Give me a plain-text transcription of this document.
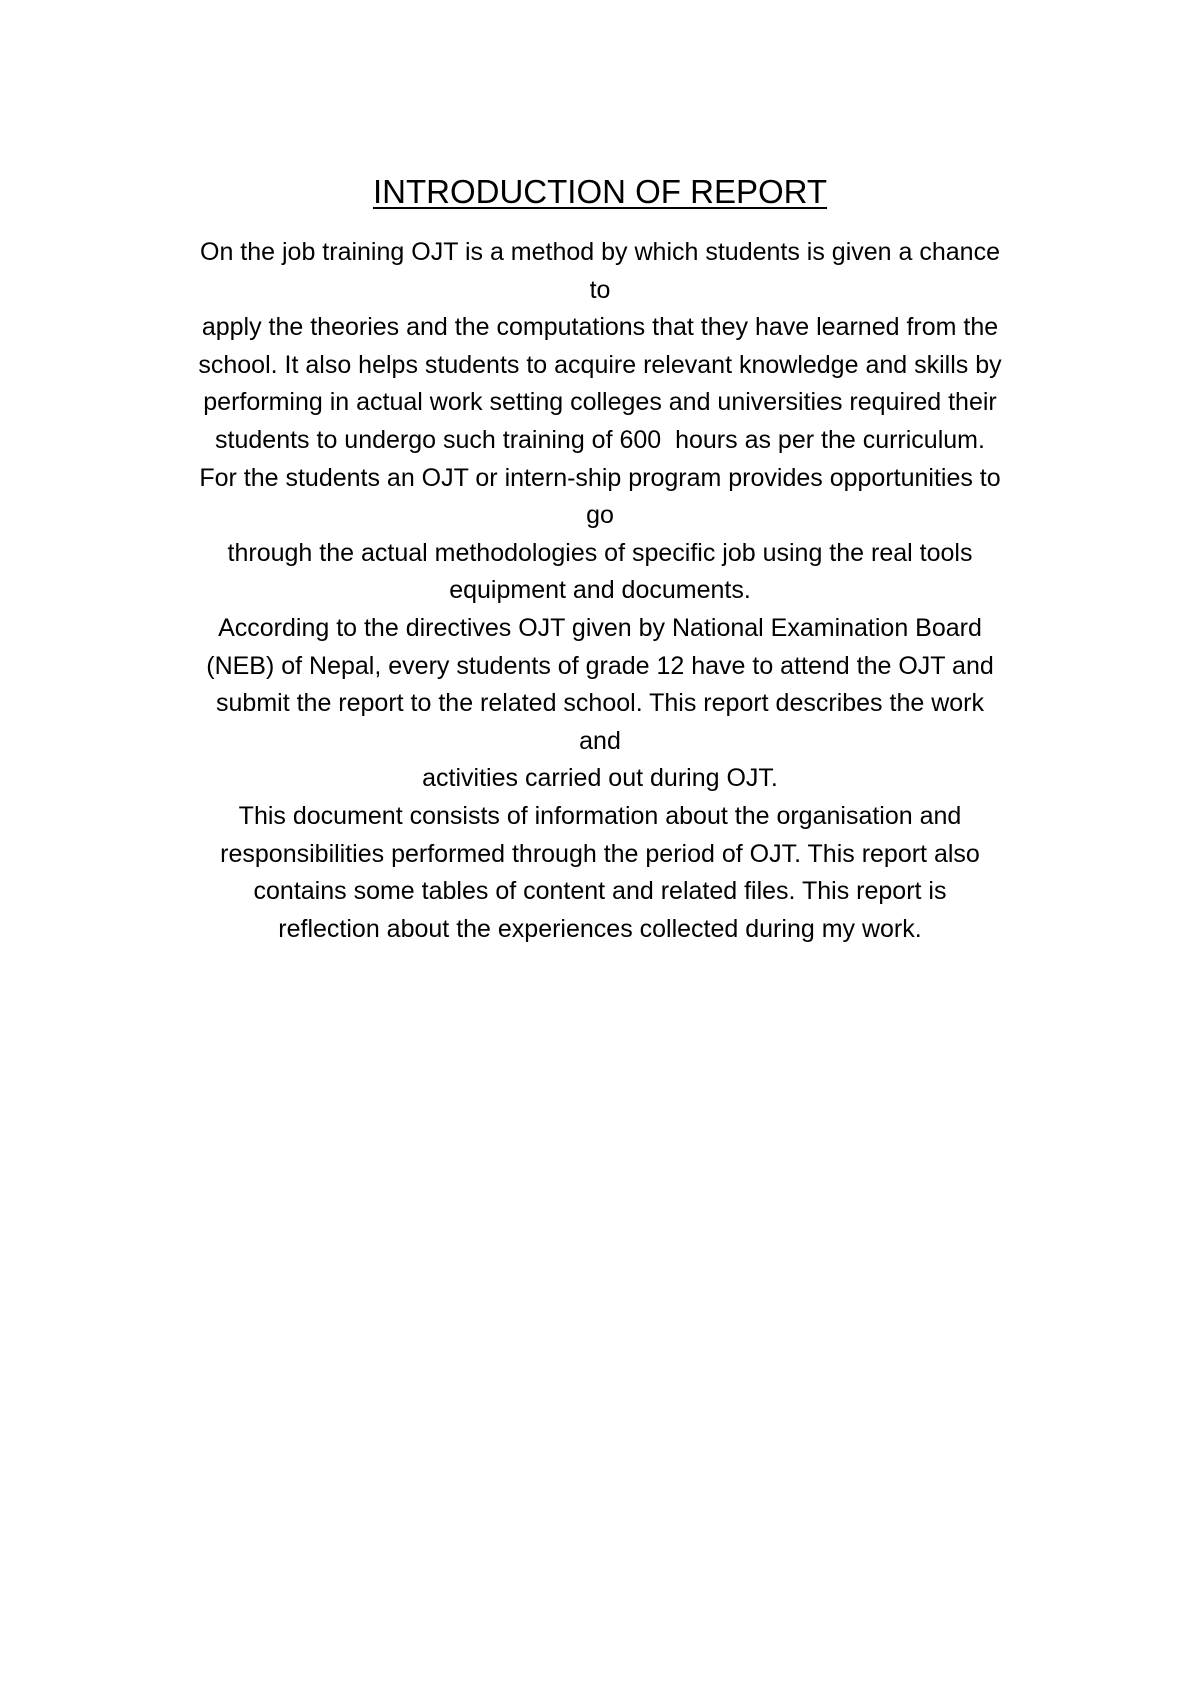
INTRODUCTION OF REPORT

On the job training OJT is a method by which students is given a chance

to

apply the theories and the computations that they have learned from the

school. It also helps students to acquire relevant knowledge and skills by

performing in actual work setting colleges and universities required their

students to undergo such training of 600  hours as per the curriculum.

For the students an OJT or intern-ship program provides opportunities to

go

through the actual methodologies of specific job using the real tools

equipment and documents.

According to the directives OJT given by National Examination Board

(NEB) of Nepal, every students of grade 12 have to attend the OJT and

submit the report to the related school. This report describes the work

and

activities carried out during OJT.

This document consists of information about the organisation and

responsibilities performed through the period of OJT. This report also

contains some tables of content and related files. This report is

reflection about the experiences collected during my work.
